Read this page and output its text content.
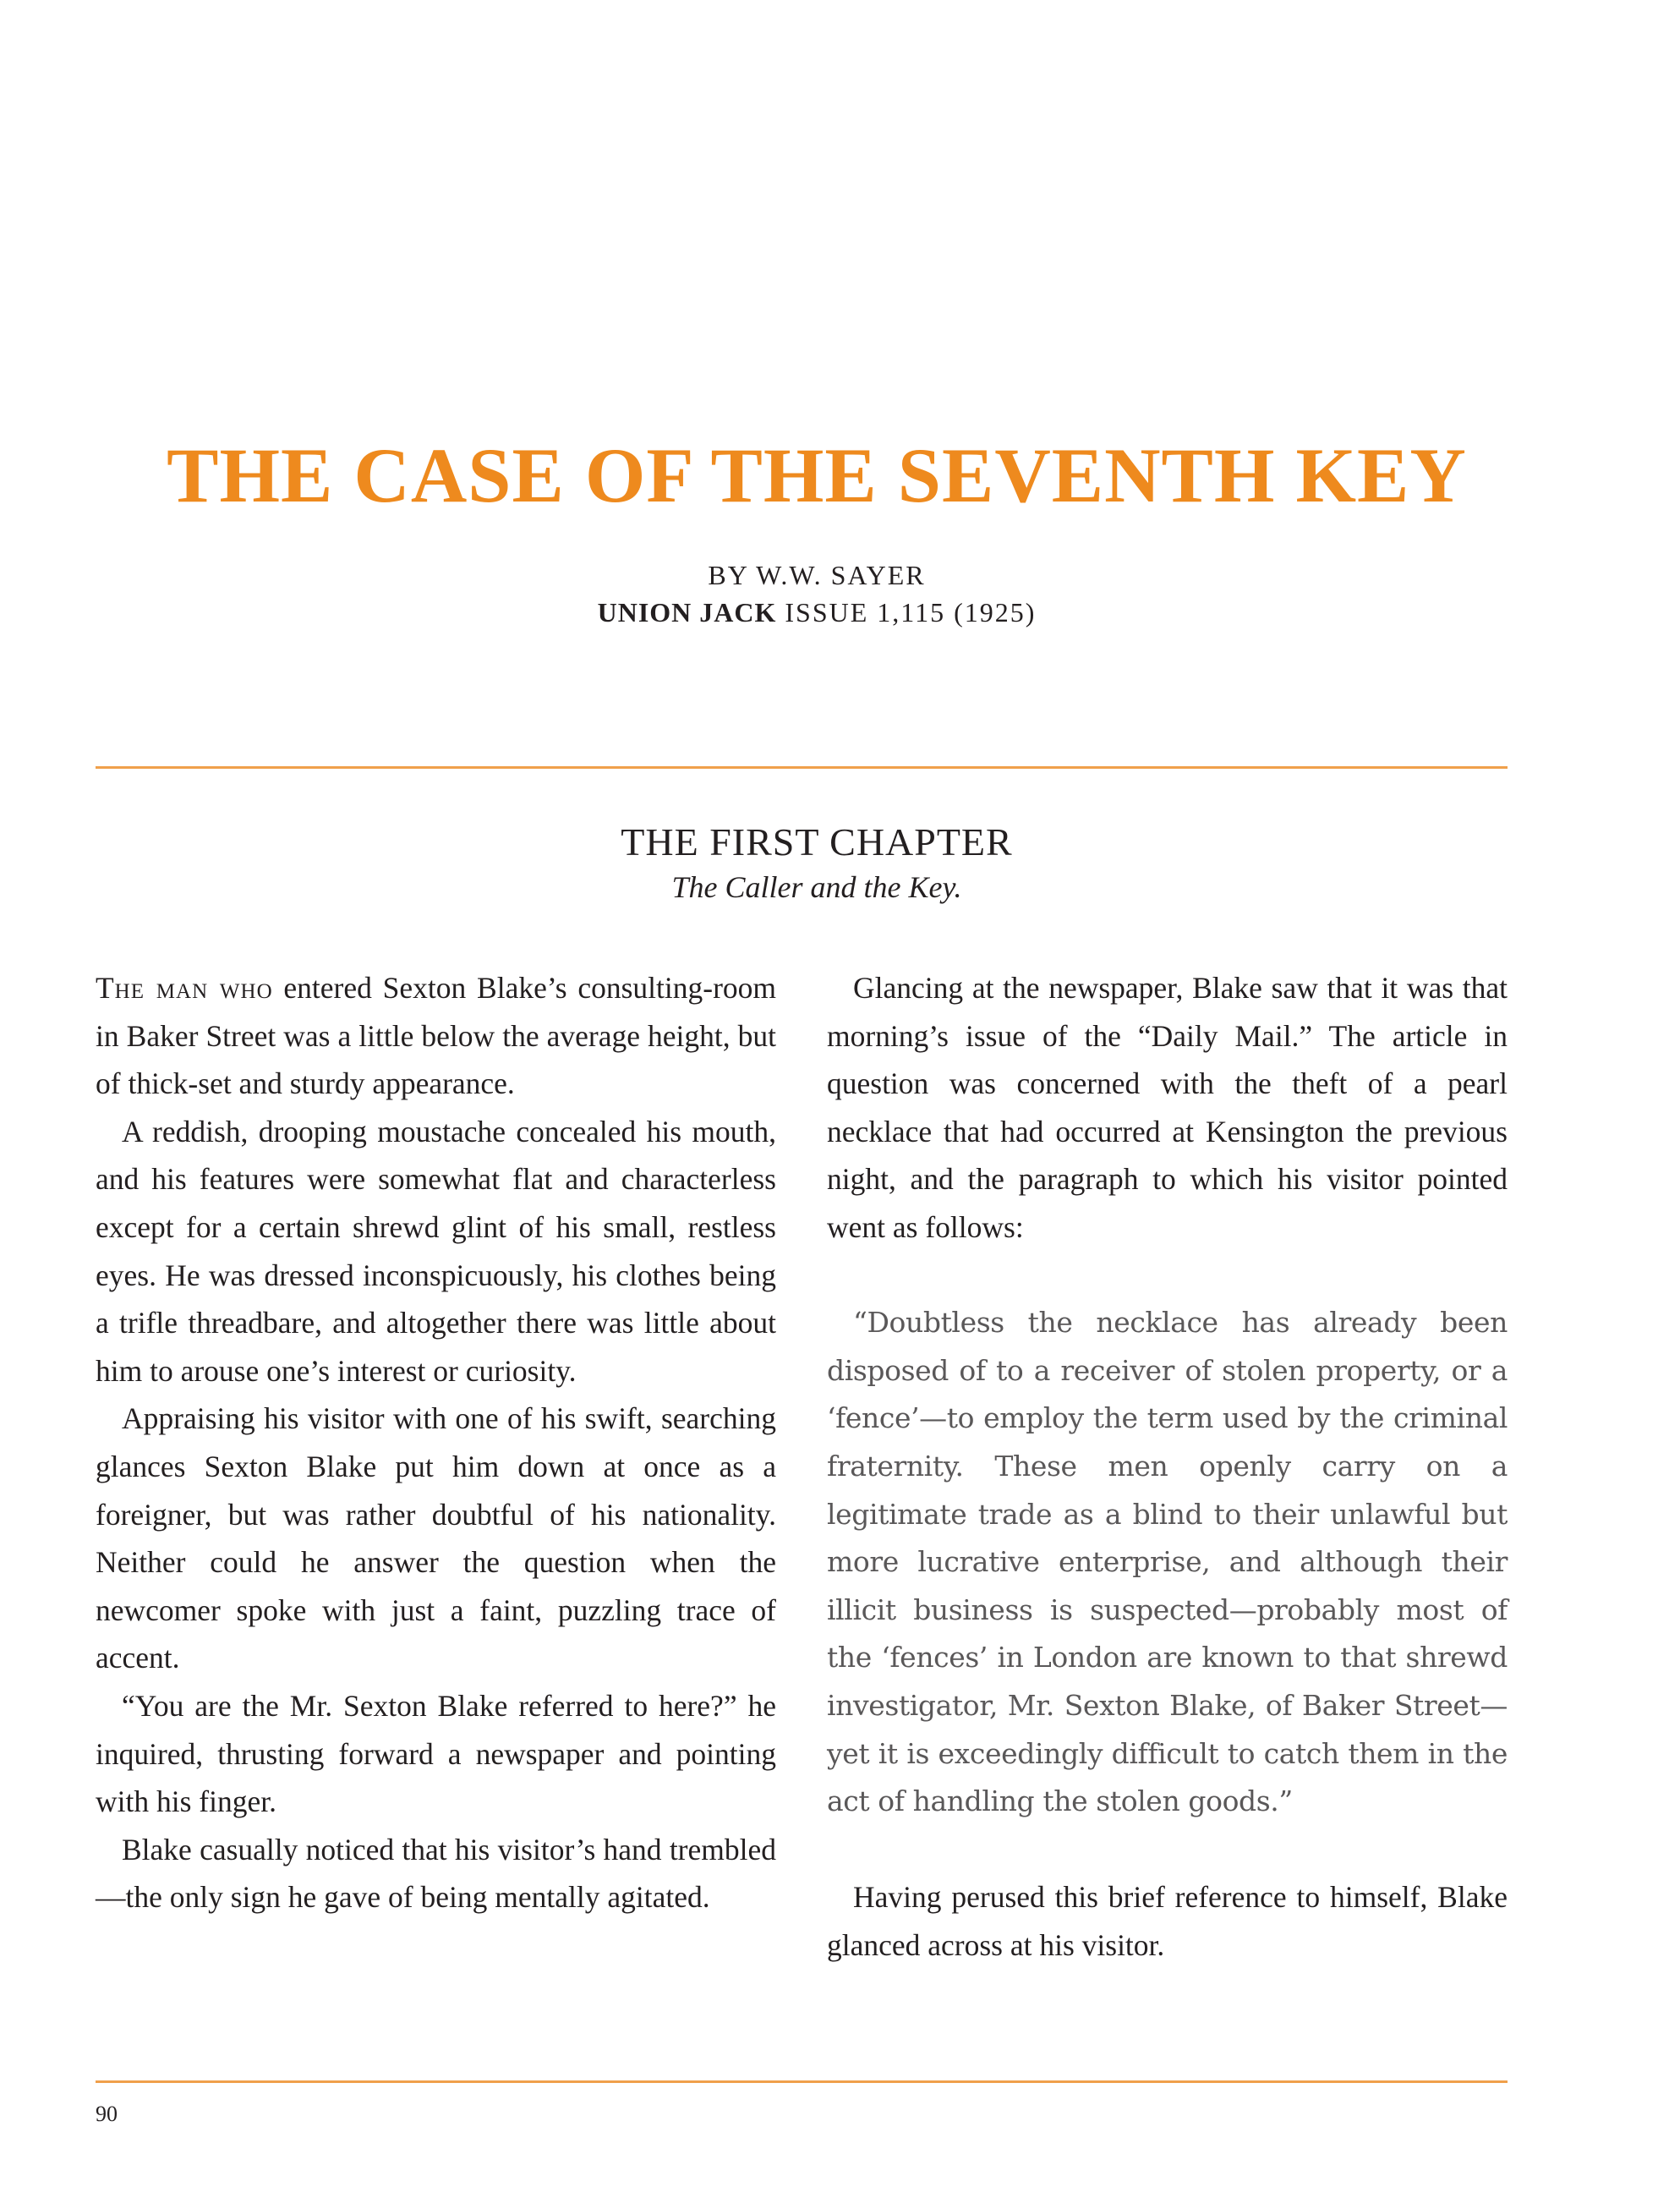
THE CASE OF THE SEVENTH KEY
BY W.W. SAYER
UNION JACK ISSUE 1,115 (1925)
THE FIRST CHAPTER
The Caller and the Key.

The man who entered Sexton Blake’s consulting-room in Baker Street was a little below the average height, but of thick-set and sturdy appearance.

A reddish, drooping moustache concealed his mouth, and his features were somewhat flat and characterless except for a certain shrewd glint of his small, restless eyes. He was dressed inconspicuously, his clothes being a trifle threadbare, and altogether there was little about him to arouse one’s interest or curiosity.

Appraising his visitor with one of his swift, searching glances Sexton Blake put him down at once as a foreigner, but was rather doubtful of his nationality. Neither could he answer the question when the newcomer spoke with just a faint, puzzling trace of accent.

“You are the Mr. Sexton Blake referred to here?” he inquired, thrusting forward a newspaper and pointing with his finger.

Blake casually noticed that his visitor’s hand trembled—the only sign he gave of being mentally agitated.

Glancing at the newspaper, Blake saw that it was that morning’s issue of the “Daily Mail.” The article in question was concerned with the theft of a pearl necklace that had occurred at Kensington the previous night, and the paragraph to which his visitor pointed went as follows:

“Doubtless the necklace has already been disposed of to a receiver of stolen property, or a ‘fence’—to employ the term used by the criminal fraternity. These men openly carry on a legitimate trade as a blind to their unlawful but more lucrative enterprise, and although their illicit business is suspected—probably most of the ‘fences’ in London are known to that shrewd investigator, Mr. Sexton Blake, of Baker Street—yet it is exceedingly difficult to catch them in the act of handling the stolen goods.”

Having perused this brief reference to himself, Blake glanced across at his visitor.

90
